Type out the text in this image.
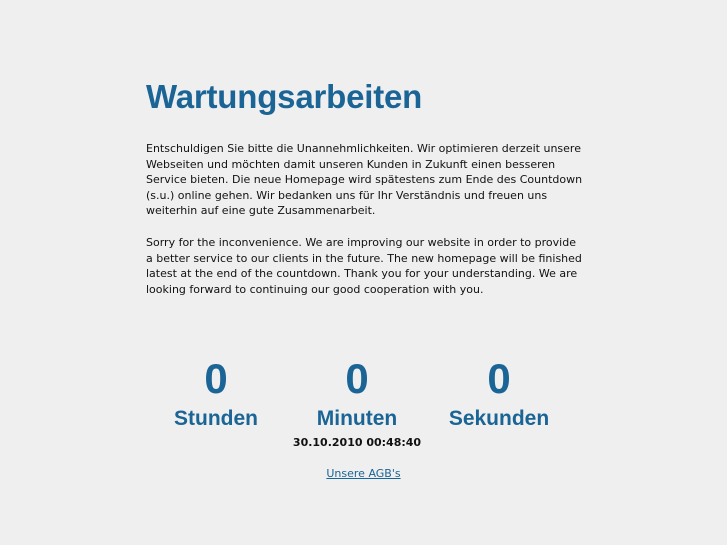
Wartungsarbeiten

Entschuldigen Sie bitte die Unannehmlichkeiten. Wir optimieren derzeit unsere Webseiten und möchten damit unseren Kunden in Zukunft einen besseren Service bieten. Die neue Homepage wird spätestens zum Ende des Countdown (s.u.) online gehen. Wir bedanken uns für Ihr Verständnis und freuen uns weiterhin auf eine gute Zusammenarbeit.

Sorry for the inconvenience. We are improving our website in order to provide a better service to our clients in the future. The new homepage will be finished latest at the end of the countdown. Thank you for your understanding. We are looking forward to continuing our good cooperation with you.

0
Stunden
0
Minuten
0
Sekunden
30.10.2010 00:48:40
Unsere AGB's
